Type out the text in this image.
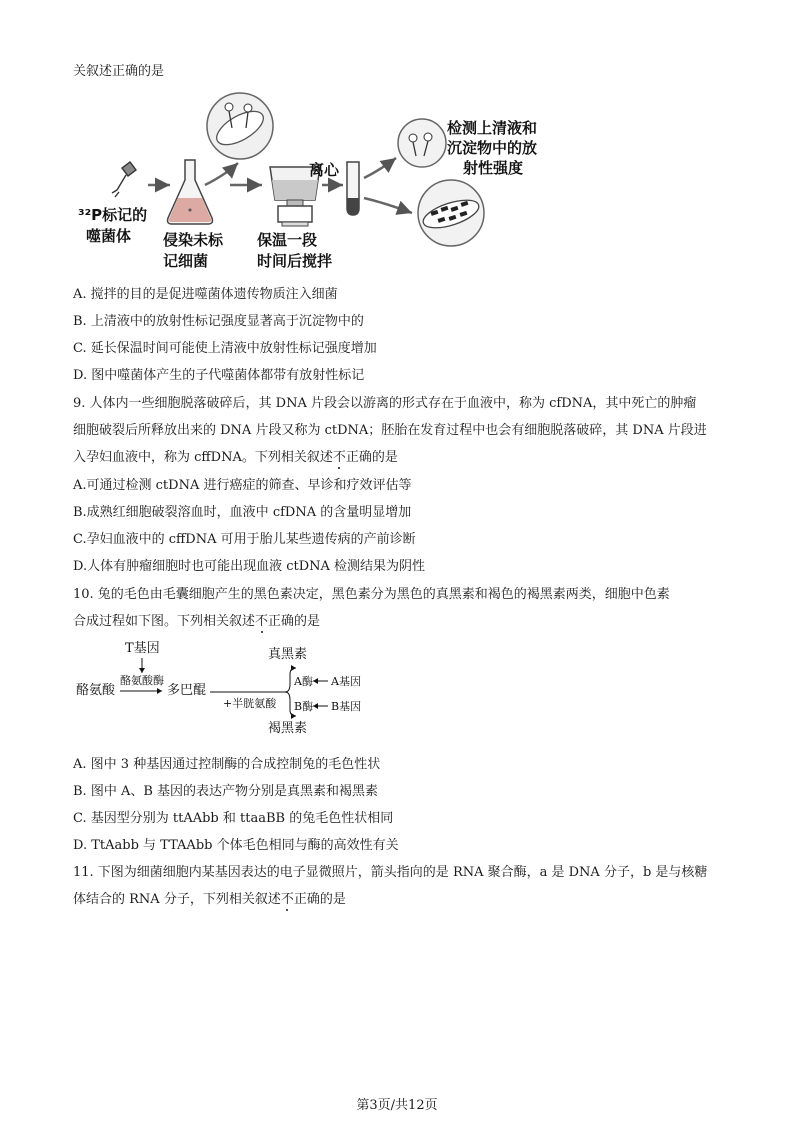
关叙述正确的是
³²P标记的
噬菌体 侵染未标
记细菌
保温一段
时间后搅拌
离心
检测上清液和
沉淀物中的放
射性强度
A. 搅拌的目的是促进噬菌体遗传物质注入细菌
B. 上清液中的放射性标记强度显著高于沉淀物中的
C. 延长保温时间可能使上清液中放射性标记强度增加
D. 图中噬菌体产生的子代噬菌体都带有放射性标记
9. 人体内一些细胞脱落破碎后，其 DNA 片段会以游离的形式存在于血液中，称为 cfDNA，其中死亡的肿瘤
细胞破裂后所释放出来的 DNA 片段又称为 ctDNA；胚胎在发育过程中也会有细胞脱落破碎，其 DNA 片段进
入孕妇血液中，称为 cffDNA。下列相关叙述不正确的是
A.可通过检测 ctDNA 进行癌症的筛查、早诊和疗效评估等
B.成熟红细胞破裂溶血时，血液中 cfDNA 的含量明显增加
C.孕妇血液中的 cffDNA 可用于胎儿某些遗传病的产前诊断
D.人体有肿瘤细胞时也可能出现血液 ctDNA 检测结果为阴性
10. 兔的毛色由毛囊细胞产生的黑色素决定，黑色素分为黑色的真黑素和褐色的褐黑素两类，细胞中色素
合成过程如下图。下列相关叙述不正确的是
T基因
酪氨酸酶
酪氨酸	多巴醌
+半胱氨酸
真黑素
褐黑素
A酶 A基因
B酶 B基因
A. 图中 3 种基因通过控制酶的合成控制兔的毛色性状
B. 图中 A、B 基因的表达产物分别是真黑素和褐黑素
C. 基因型分别为 ttAAbb 和 ttaaBB 的兔毛色性状相同
D. TtAabb 与 TTAAbb 个体毛色相同与酶的高效性有关
11. 下图为细菌细胞内某基因表达的电子显微照片，箭头指向的是 RNA 聚合酶，a 是 DNA 分子，b 是与核糖
体结合的 RNA 分子，下列相关叙述不正确的是
第3页/共12页
